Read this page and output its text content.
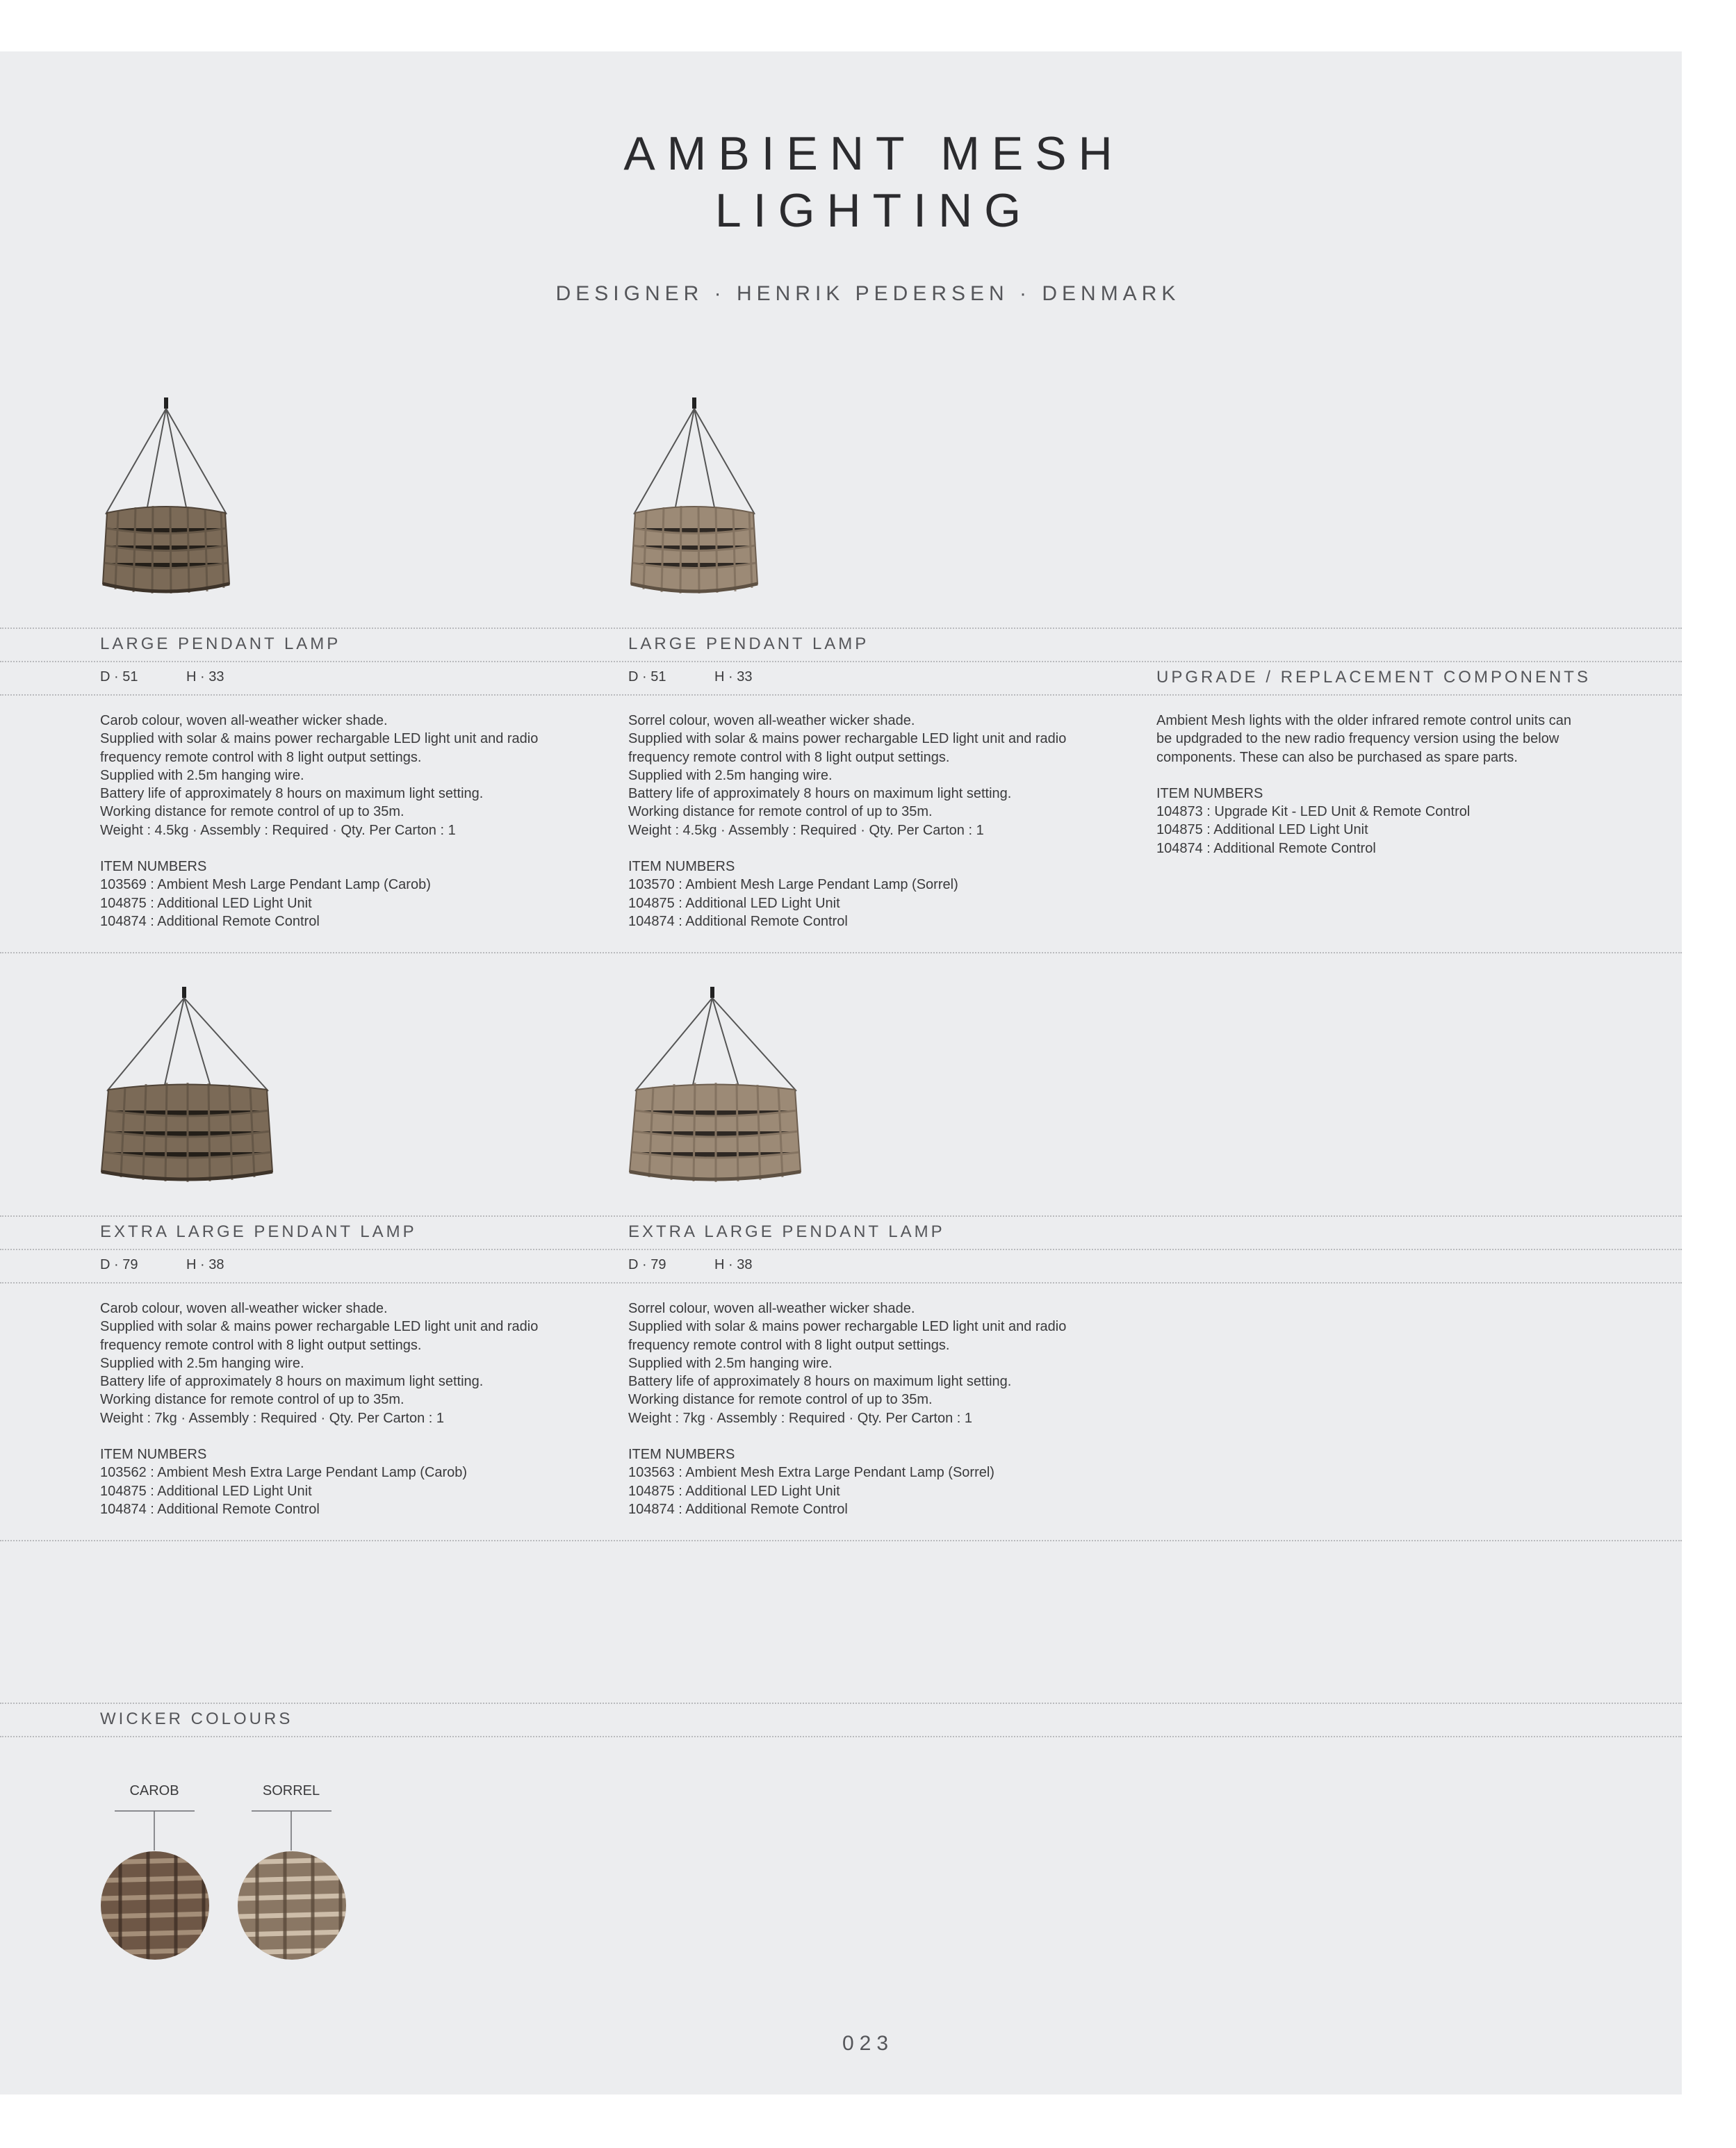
AMBIENT MESH
LIGHTING
DESIGNER · HENRIK PEDERSEN · DENMARK
LARGE PENDANT LAMP
D · 51	H · 33
Carob colour, woven all-weather wicker shade.
Supplied with solar & mains power rechargable LED light unit and radio
frequency remote control with 8 light output settings.
Supplied with 2.5m hanging wire.
Battery life of approximately 8 hours on maximum light setting.
Working distance for remote control of up to 35m.
Weight : 4.5kg · Assembly : Required · Qty. Per Carton : 1
ITEM NUMBERS
103569 : Ambient Mesh Large Pendant Lamp (Carob)
104875 : Additional LED Light Unit
104874 : Additional Remote Control
LARGE PENDANT LAMP
D · 51	H · 33
Sorrel colour, woven all-weather wicker shade.
Supplied with solar & mains power rechargable LED light unit and radio
frequency remote control with 8 light output settings.
Supplied with 2.5m hanging wire.
Battery life of approximately 8 hours on maximum light setting.
Working distance for remote control of up to 35m.
Weight : 4.5kg · Assembly : Required · Qty. Per Carton : 1
ITEM NUMBERS
103570 : Ambient Mesh Large Pendant Lamp (Sorrel)
104875 : Additional LED Light Unit
104874 : Additional Remote Control
UPGRADE / REPLACEMENT COMPONENTS
Ambient Mesh lights with the older infrared remote control units can
be updgraded to the new radio frequency version using the below
components. These can also be purchased as spare parts.
ITEM NUMBERS
104873 : Upgrade Kit - LED Unit & Remote Control
104875 : Additional LED Light Unit
104874 : Additional Remote Control
EXTRA LARGE PENDANT LAMP
D · 79	H · 38
Carob colour, woven all-weather wicker shade.
Supplied with solar & mains power rechargable LED light unit and radio
frequency remote control with 8 light output settings.
Supplied with 2.5m hanging wire.
Battery life of approximately 8 hours on maximum light setting.
Working distance for remote control of up to 35m.
Weight : 7kg · Assembly : Required · Qty. Per Carton : 1
ITEM NUMBERS
103562 : Ambient Mesh Extra Large Pendant Lamp (Carob)
104875 : Additional LED Light Unit
104874 : Additional Remote Control
EXTRA LARGE PENDANT LAMP
D · 79	H · 38
Sorrel colour, woven all-weather wicker shade.
Supplied with solar & mains power rechargable LED light unit and radio
frequency remote control with 8 light output settings.
Supplied with 2.5m hanging wire.
Battery life of approximately 8 hours on maximum light setting.
Working distance for remote control of up to 35m.
Weight : 7kg · Assembly : Required · Qty. Per Carton : 1
ITEM NUMBERS
103563 : Ambient Mesh Extra Large Pendant Lamp (Sorrel)
104875 : Additional LED Light Unit
104874 : Additional Remote Control
WICKER COLOURS
CAROB	SORREL
023
